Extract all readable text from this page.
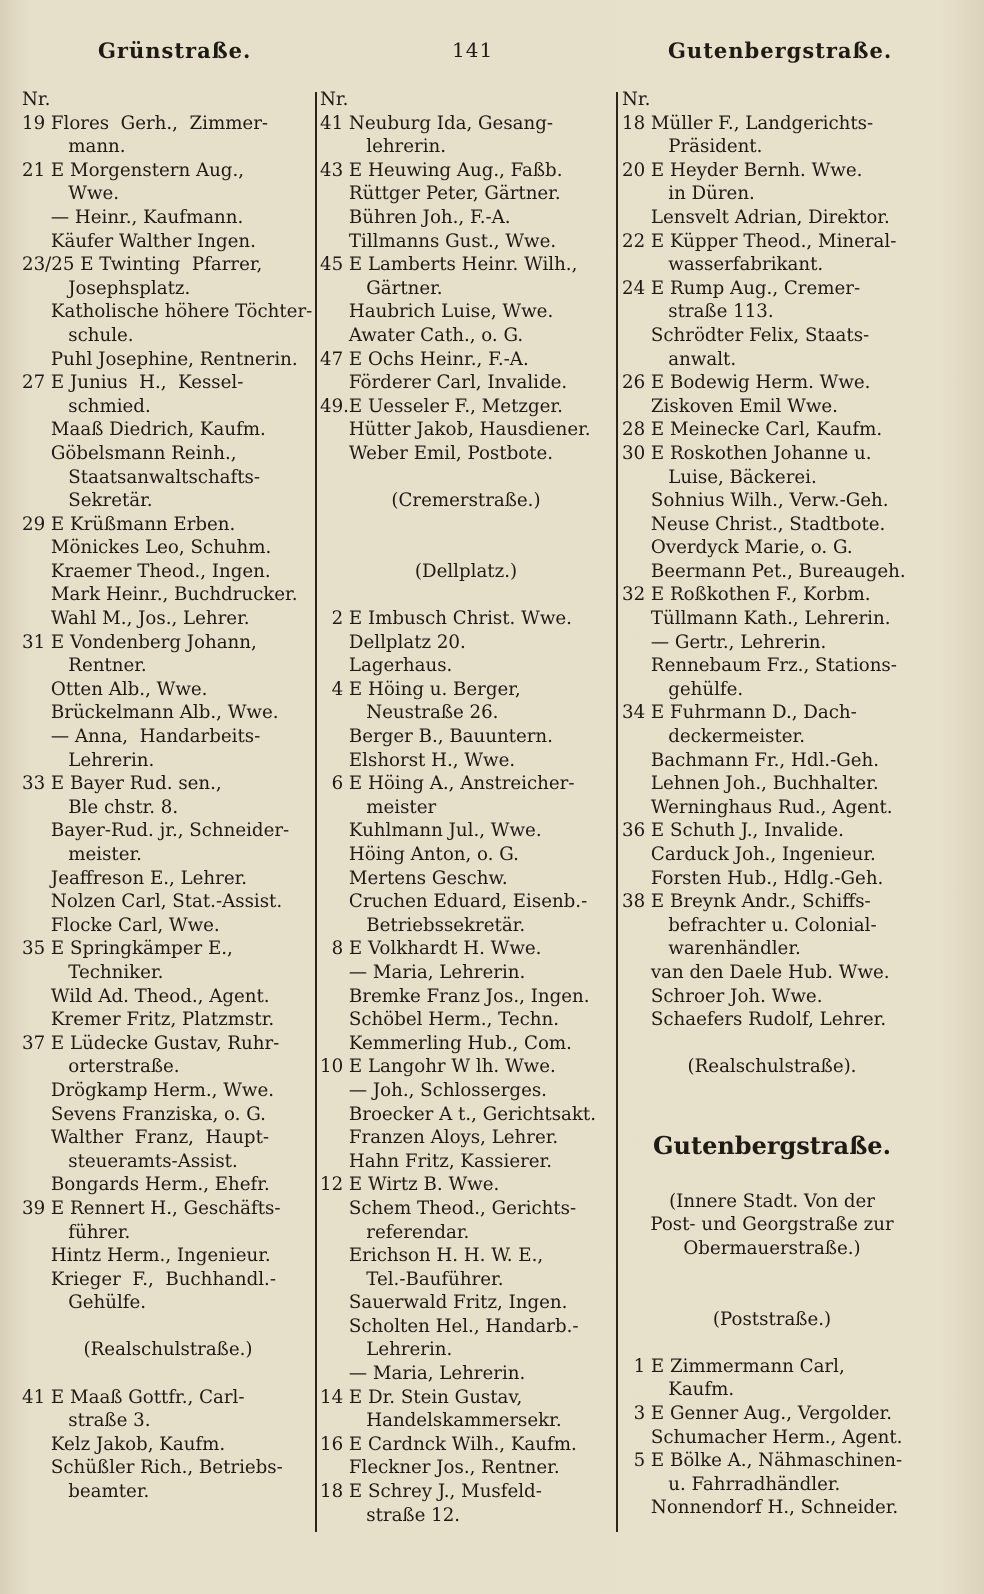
Grünstraße.	141	Gutenbergstraße.
Nr.
19 Flores  Gerh.,  Zimmer-
mann.
21 E Morgenstern Aug.,
Wwe.
— Heinr., Kaufmann.
Käufer Walther Ingen.
23/25 E Twinting  Pfarrer,
Josephsplatz.
Katholische höhere Töchter-
schule.
Puhl Josephine, Rentnerin.
27 E Junius  H.,  Kessel-
schmied.
Maaß Diedrich, Kaufm.
Göbelsmann Reinh.,
Staatsanwaltschafts-
Sekretär.
29 E Krüßmann Erben.
Mönickes Leo, Schuhm.
Kraemer Theod., Ingen.
Mark Heinr., Buchdrucker.
Wahl M., Jos., Lehrer.
31 E Vondenberg Johann,
Rentner.
Otten Alb., Wwe.
Brückelmann Alb., Wwe.
— Anna,  Handarbeits-
Lehrerin.
33 E Bayer Rud. sen.,
Ble chstr. 8.
Bayer-Rud. jr., Schneider-
meister.
Jeaffreson E., Lehrer.
Nolzen Carl, Stat.-Assist.
Flocke Carl, Wwe.
35 E Springkämper E.,
Techniker.
Wild Ad. Theod., Agent.
Kremer Fritz, Platzmstr.
37 E Lüdecke Gustav, Ruhr-
orterstraße.
Drögkamp Herm., Wwe.
Sevens Franziska, o. G.
Walther  Franz,  Haupt-
steueramts-Assist.
Bongards Herm., Ehefr.
39 E Rennert H., Geschäfts-
führer.
Hintz Herm., Ingenieur.
Krieger  F.,  Buchhandl.-
Gehülfe.
(Realschulstraße.)
41 E Maaß Gottfr., Carl-
straße 3.
Kelz Jakob, Kaufm.
Schüßler Rich., Betriebs-
beamter.
Nr.
41 Neuburg Ida, Gesang-
lehrerin.
43 E Heuwing Aug., Faßb.
Rüttger Peter, Gärtner.
Bühren Joh., F.-A.
Tillmanns Gust., Wwe.
45 E Lamberts Heinr. Wilh.,
Gärtner.
Haubrich Luise, Wwe.
Awater Cath., o. G.
47 E Ochs Heinr., F.-A.
Förderer Carl, Invalide.
49.E Uesseler F., Metzger.
Hütter Jakob, Hausdiener.
Weber Emil, Postbote.
(Cremerstraße.)
(Dellplatz.)
2 E Imbusch Christ. Wwe.
Dellplatz 20.
Lagerhaus.
4 E Höing u. Berger,
Neustraße 26.
Berger B., Bauuntern.
Elshorst H., Wwe.
6 E Höing A., Anstreicher-
meister
Kuhlmann Jul., Wwe.
Höing Anton, o. G.
Mertens Geschw.
Cruchen Eduard, Eisenb.-
Betriebssekretär.
8 E Volkhardt H. Wwe.
— Maria, Lehrerin.
Bremke Franz Jos., Ingen.
Schöbel Herm., Techn.
Kemmerling Hub., Com.
10 E Langohr W lh. Wwe.
— Joh., Schlosserges.
Broecker A t., Gerichtsakt.
Franzen Aloys, Lehrer.
Hahn Fritz, Kassierer.
12 E Wirtz B. Wwe.
Schem Theod., Gerichts-
referendar.
Erichson H. H. W. E.,
Tel.-Bauführer.
Sauerwald Fritz, Ingen.
Scholten Hel., Handarb.-
Lehrerin.
— Maria, Lehrerin.
14 E Dr. Stein Gustav,
Handelskammersekr.
16 E Cardnck Wilh., Kaufm.
Fleckner Jos., Rentner.
18 E Schrey J., Musfeld-
straße 12.
Nr.
18 Müller F., Landgerichts-
Präsident.
20 E Heyder Bernh. Wwe.
in Düren.
Lensvelt Adrian, Direktor.
22 E Küpper Theod., Mineral-
wasserfabrikant.
24 E Rump Aug., Cremer-
straße 113.
Schrödter Felix, Staats-
anwalt.
26 E Bodewig Herm. Wwe.
Ziskoven Emil Wwe.
28 E Meinecke Carl, Kaufm.
30 E Roskothen Johanne u.
Luise, Bäckerei.
Sohnius Wilh., Verw.-Geh.
Neuse Christ., Stadtbote.
Overdyck Marie, o. G.
Beermann Pet., Bureaugeh.
32 E Roßkothen F., Korbm.
Tüllmann Kath., Lehrerin.
— Gertr., Lehrerin.
Rennebaum Frz., Stations-
gehülfe.
34 E Fuhrmann D., Dach-
deckermeister.
Bachmann Fr., Hdl.-Geh.
Lehnen Joh., Buchhalter.
Werninghaus Rud., Agent.
36 E Schuth J., Invalide.
Carduck Joh., Ingenieur.
Forsten Hub., Hdlg.-Geh.
38 E Breynk Andr., Schiffs-
befrachter u. Colonial-
warenhändler.
van den Daele Hub. Wwe.
Schroer Joh. Wwe.
Schaefers Rudolf, Lehrer.
(Realschulstraße).
Gutenbergstraße.
(Innere Stadt. Von der
Post- und Georgstraße zur
Obermauerstraße.)
(Poststraße.)
1 E Zimmermann Carl,
Kaufm.
3 E Genner Aug., Vergolder.
Schumacher Herm., Agent.
5 E Bölke A., Nähmaschinen-
u. Fahrradhändler.
Nonnendorf H., Schneider.
